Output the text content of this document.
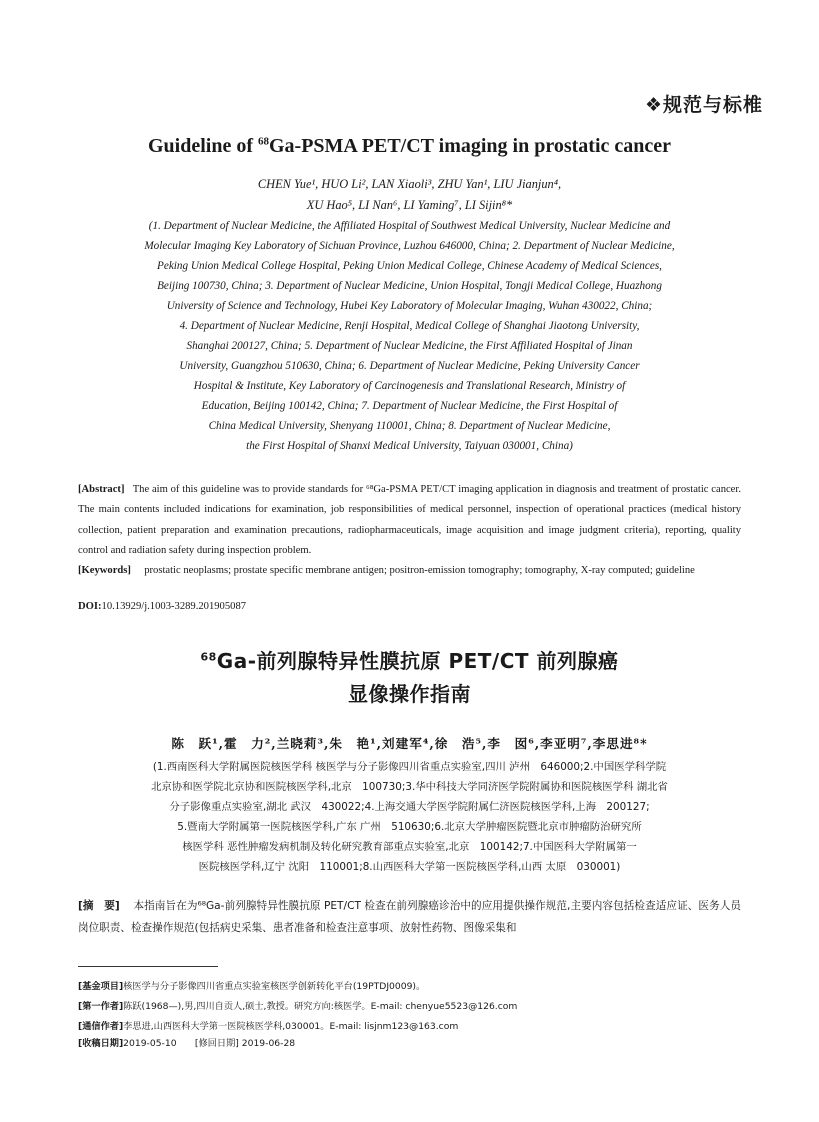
❖规范与标椎
Guideline of $^{68}$Ga-PSMA PET/CT imaging in prostatic cancer
CHEN Yue¹, HUO Li², LAN Xiaoli³, ZHU Yan¹, LIU Jianjun⁴,
XU Hao⁵, LI Nan⁶, LI Yaming⁷, LI Sijin⁸*
(1. Department of Nuclear Medicine, the Affiliated Hospital of Southwest Medical University, Nuclear Medicine and
Molecular Imaging Key Laboratory of Sichuan Province, Luzhou 646000, China; 2. Department of Nuclear Medicine,
Peking Union Medical College Hospital, Peking Union Medical College, Chinese Academy of Medical Sciences,
Beijing 100730, China; 3. Department of Nuclear Medicine, Union Hospital, Tongji Medical College, Huazhong
University of Science and Technology, Hubei Key Laboratory of Molecular Imaging, Wuhan 430022, China;
4. Department of Nuclear Medicine, Renji Hospital, Medical College of Shanghai Jiaotong University,
Shanghai 200127, China; 5. Department of Nuclear Medicine, the First Affiliated Hospital of Jinan
University, Guangzhou 510630, China; 6. Department of Nuclear Medicine, Peking University Cancer
Hospital & Institute, Key Laboratory of Carcinogenesis and Translational Research, Ministry of
Education, Beijing 100142, China; 7. Department of Nuclear Medicine, the First Hospital of
China Medical University, Shenyang 110001, China; 8. Department of Nuclear Medicine,
the First Hospital of Shanxi Medical University, Taiyuan 030001, China)
[Abstract] The aim of this guideline was to provide standards for ⁶⁸Ga-PSMA PET/CT imaging application in diagnosis and treatment of prostatic cancer. The main contents included indications for examination, job responsibilities of medical personnel, inspection of operational practices (medical history collection, patient preparation and examination precautions, radiopharmaceuticals, image acquisition and image judgment criteria), reporting, quality control and radiation safety during inspection problem.
[Keywords] prostatic neoplasms; prostate specific membrane antigen; positron-emission tomography; tomography, X-ray computed; guideline
DOI:10.13929/j.1003-3289.201905087
$^{68}$Ga-前列腺特异性膜抗原 PET/CT 前列腺癌
显像操作指南
陈　跃¹,霍　力²,兰晓莉³,朱　艳¹,刘建军⁴,徐　浩⁵,李　囡⁶,李亚明⁷,李思进⁸*
(1.西南医科大学附属医院核医学科 核医学与分子影像四川省重点实验室,四川 泸州　646000;2.中国医学科学院
北京协和医学院北京协和医院核医学科,北京　100730;3.华中科技大学同济医学院附属协和医院核医学科 湖北省
分子影像重点实验室,湖北 武汉　430022;4.上海交通大学医学院附属仁济医院核医学科,上海　200127;
5.暨南大学附属第一医院核医学科,广东 广州　510630;6.北京大学肿瘤医院暨北京市肿瘤防治研究所
核医学科 恶性肿瘤发病机制及转化研究教育部重点实验室,北京　100142;7.中国医科大学附属第一
医院核医学科,辽宁 沈阳　110001;8.山西医科大学第一医院核医学科,山西 太原　030001)
[摘　要] 本指南旨在为⁶⁸Ga-前列腺特异性膜抗原 PET/CT 检查在前列腺癌诊治中的应用提供操作规范,主要内容包括检查适应证、医务人员岗位职责、检查操作规范(包括病史采集、患者准备和检查注意事项、放射性药物、图像采集和
[基金项目]核医学与分子影像四川省重点实验室核医学创新转化平台(19PTDJ0009)。
[第一作者]陈跃(1968—),男,四川自贡人,硕士,教授。研究方向:核医学。E-mail: chenyue5523@126.com
[通信作者]李思进,山西医科大学第一医院核医学科,030001。E-mail: lisjnm123@163.com
[收稿日期]2019-05-10　　[修回日期] 2019-06-28
